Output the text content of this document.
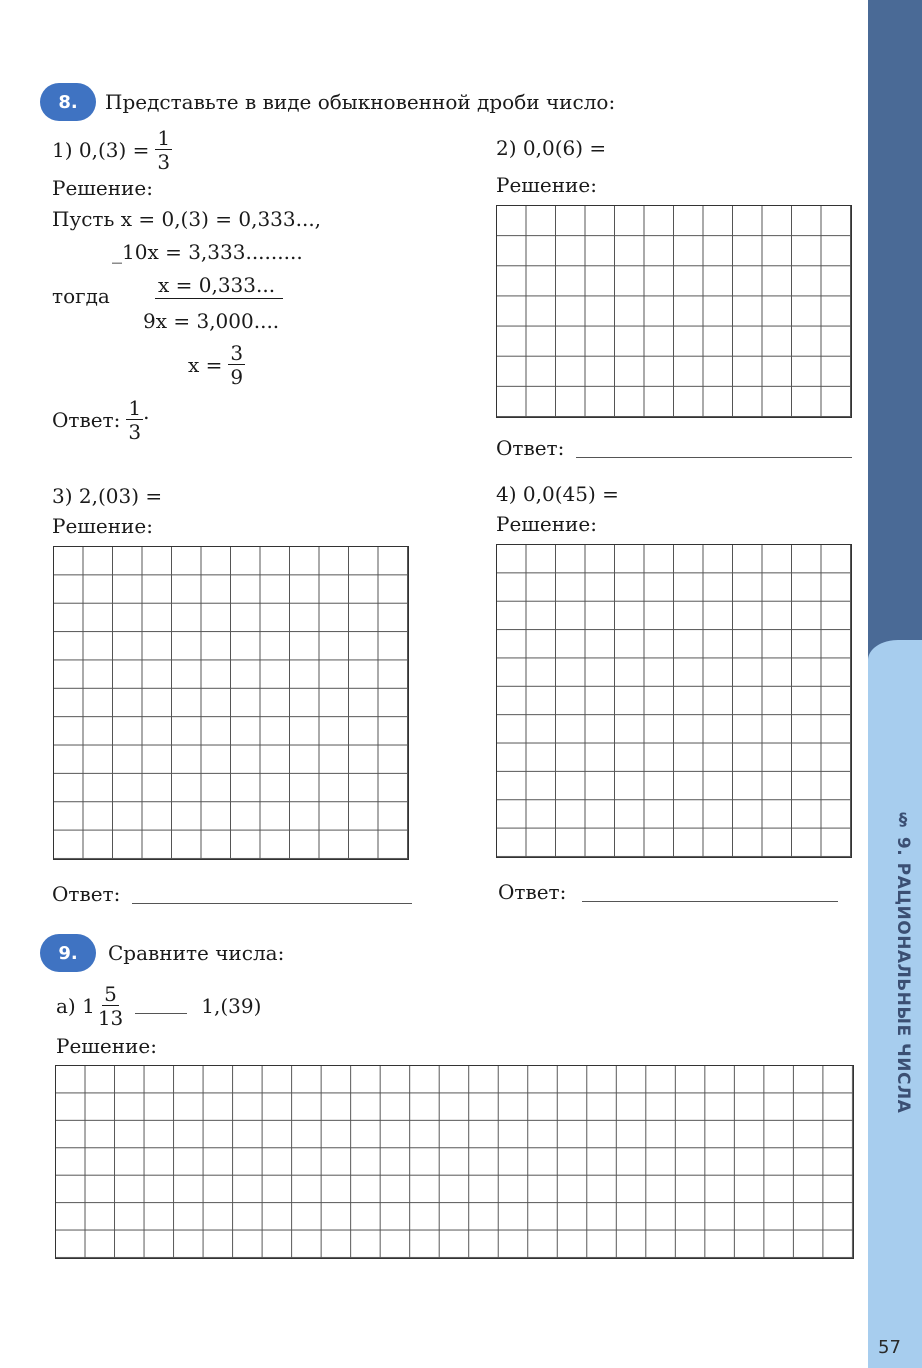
§ 9. РАЦИОНАЛЬНЫЕ ЧИСЛА
57
8.	Представьте в виде обыкновенной дроби число:
1) $0,(3) = \frac{1}{3}$
Решение:
Пусть x = 0,(3) = 0,333...,
_10x = 3,333.........
тогда x = 0,333...
9x = 3,000....
$x = \frac{3}{9}$
Ответ: $\frac{1}{3}$ .
2) 0,0(6) =
Решение:
Ответ:
3) 2,(03) =
Решение:
Ответ:
4) 0,0(45) =
Решение:
Ответ:
9.	Сравните числа:
а) $1 \frac{5}{13}$	1,(39)
Решение:
